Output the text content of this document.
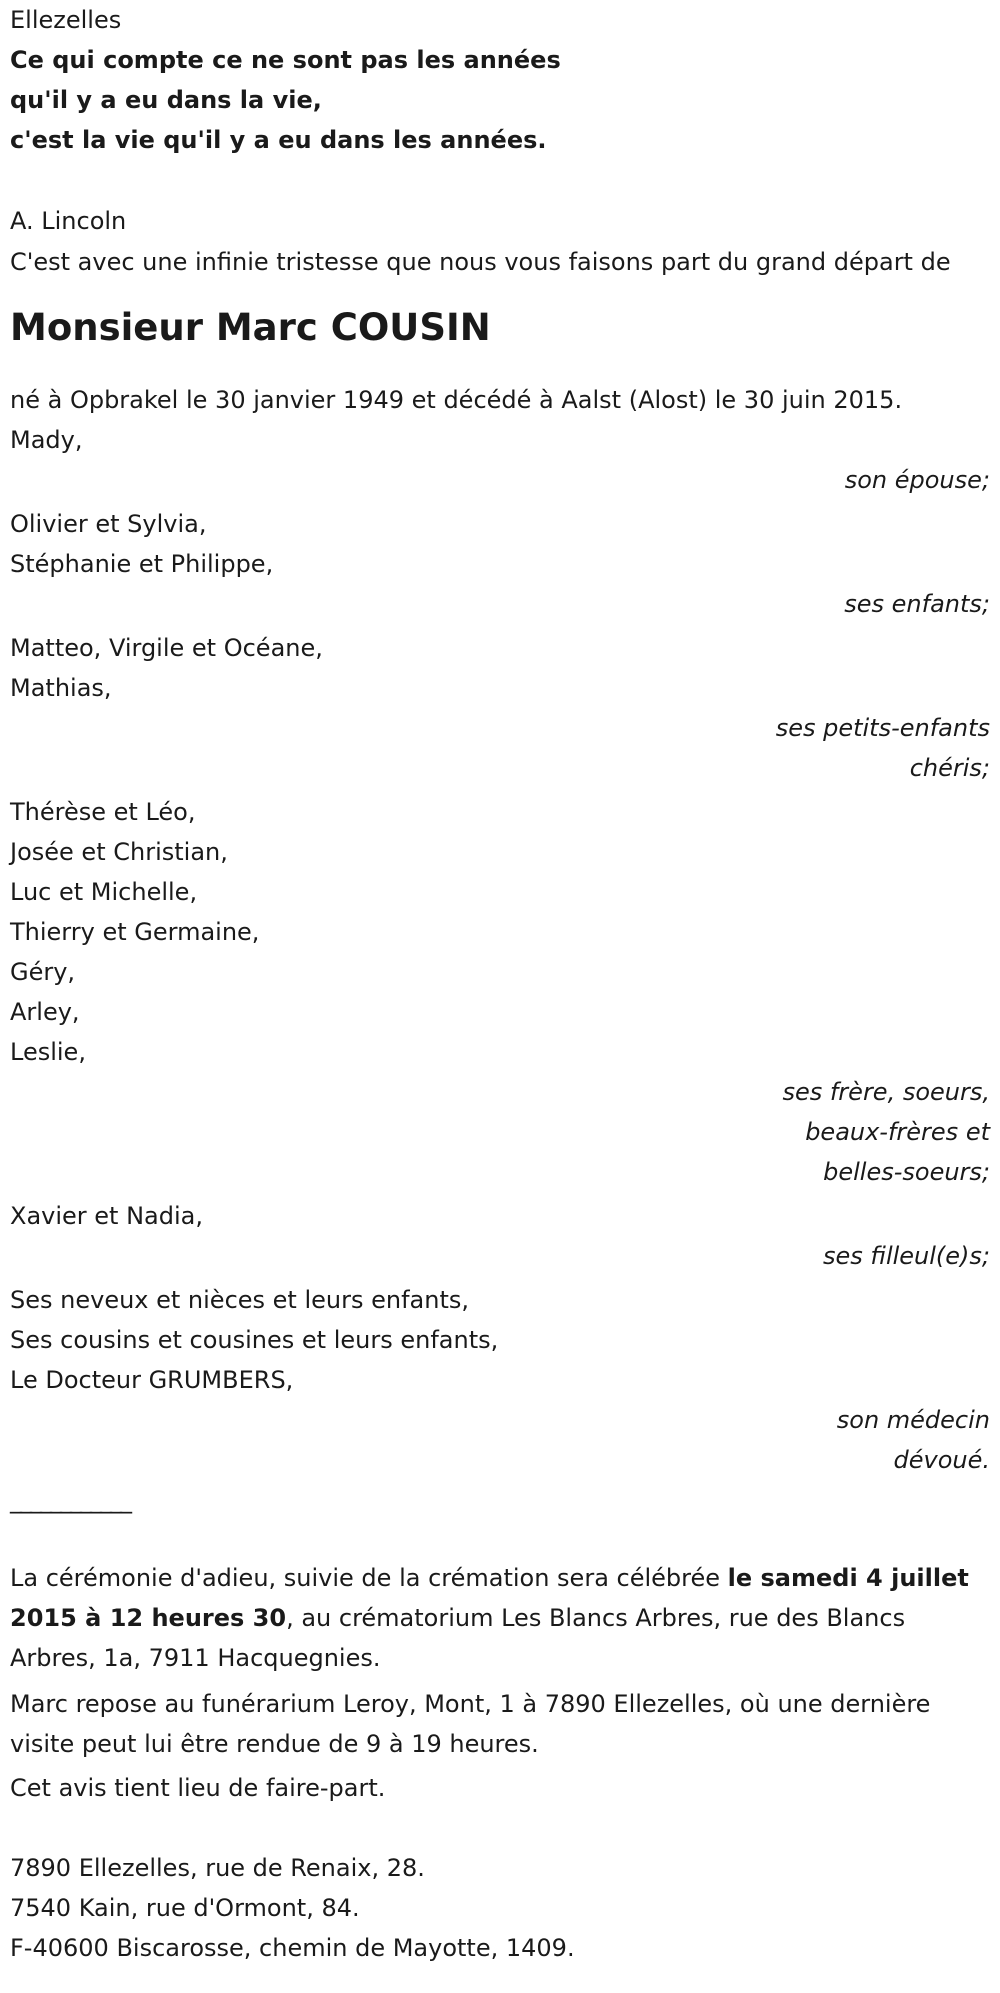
Ellezelles
Ce qui compte ce ne sont pas les années
qu'il y a eu dans la vie,
c'est la vie qu'il y a eu dans les années.
A. Lincoln

C'est avec une infinie tristesse que nous vous faisons part du grand départ de

Monsieur Marc COUSIN
né à Opbrakel le 30 janvier 1949 et décédé à Aalst (Alost) le 30 juin 2015.
Mady,
son épouse;
Olivier et Sylvia,
Stéphanie et Philippe,
ses enfants;
Matteo, Virgile et Océane,
Mathias,
ses petits-enfants
chéris;
Thérèse et Léo,
Josée et Christian,
Luc et Michelle,
Thierry et Germaine,
Géry,
Arley,
Leslie,
ses frère, soeurs,
beaux-frères et
belles-soeurs;
Xavier et Nadia,
ses filleul(e)s;
Ses neveux et nièces et leurs enfants,
Ses cousins et cousines et leurs enfants,
Le Docteur GRUMBERS,
son médecin
dévoué.
____________

La cérémonie d'adieu, suivie de la crémation sera célébrée le samedi 4 juillet 2015 à 12 heures 30, au crématorium Les Blancs Arbres, rue des Blancs Arbres, 1a, 7911 Hacquegnies.

Marc repose au funérarium Leroy, Mont, 1 à 7890 Ellezelles, où une dernière visite peut lui être rendue de 9 à 19 heures.

Cet avis tient lieu de faire-part.
7890 Ellezelles, rue de Renaix, 28.
7540 Kain, rue d'Ormont, 84.
F-40600 Biscarosse, chemin de Mayotte, 1409.
